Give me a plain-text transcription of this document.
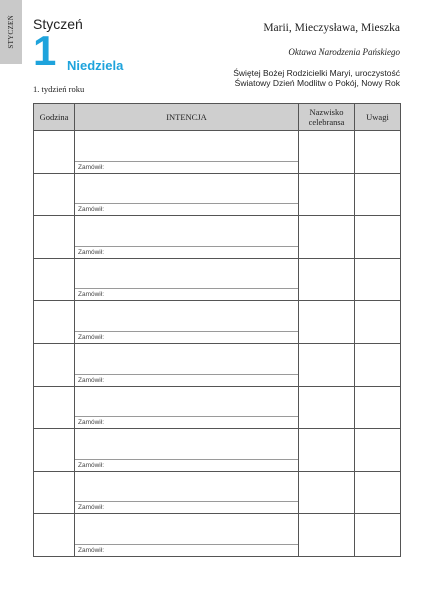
STYCZEŃ Styczeń
1 Niedziela
1. tydzień roku
Marii, Mieczysława, Mieszka
Oktawa Narodzenia Pańskiego
Świętej Bożej Rodzicielki Maryi, uroczystość
Światowy Dzień Modlitw o Pokój, Nowy Rok
Godzina	INTENCJA	Nazwisko celebransa	Uwagi

	Zamówił:		

	Zamówił:		

	Zamówił:		

	Zamówił:		

	Zamówił:		

	Zamówił:		

	Zamówił:		

	Zamówił:		

	Zamówił:		

	Zamówił:		
